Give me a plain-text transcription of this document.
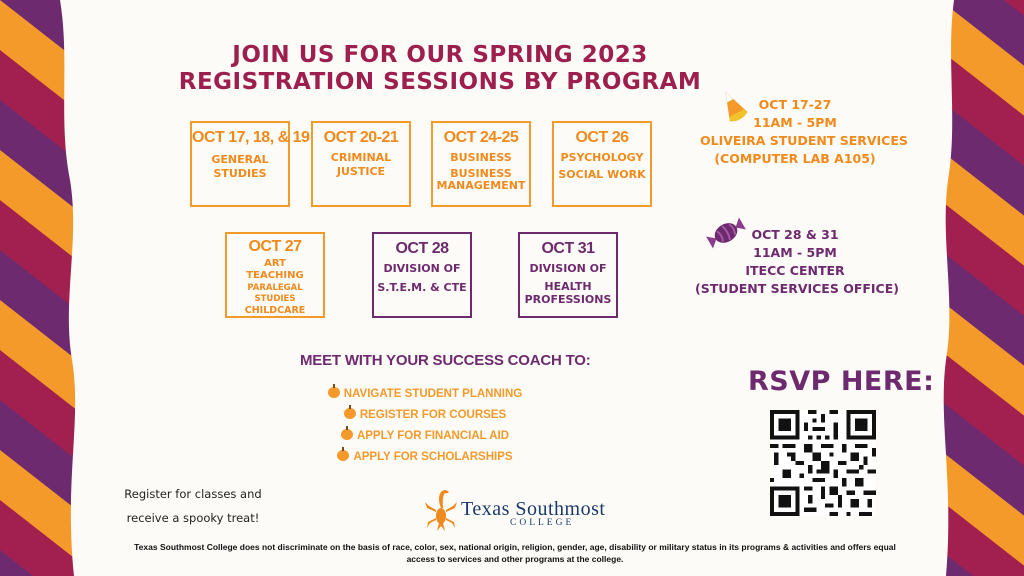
JOIN US FOR OUR SPRING 2023
REGISTRATION SESSIONS BY PROGRAM
OCT 17, 18, & 19
GENERAL
STUDIES
OCT 20-21
CRIMINAL
JUSTICE
OCT 24-25
BUSINESS
BUSINESS
MANAGEMENT
OCT 26
PSYCHOLOGY
SOCIAL WORK
OCT 27
ART
TEACHING
PARALEGAL STUDIES
CHILDCARE
OCT 28
DIVISION OF
S.T.E.M. & CTE
OCT 31
DIVISION OF
HEALTH
PROFESSIONS
OCT 17-27
11AM - 5PM
OLIVEIRA STUDENT SERVICES
(COMPUTER LAB A105)
OCT 28 & 31
11AM - 5PM
ITECC CENTER
(STUDENT SERVICES OFFICE)
MEET WITH YOUR SUCCESS COACH TO:
NAVIGATE STUDENT PLANNING
REGISTER FOR COURSES
APPLY FOR FINANCIAL AID
APPLY FOR SCHOLARSHIPS
RSVP HERE:
Register for classes and
receive a spooky treat!	Texas Southmost
COLLEGE
Texas Southmost College does not discriminate on the basis of race, color, sex, national origin, religion, gender, age, disability or military status in its programs & activities and offers equal access to services and other programs at the college.
